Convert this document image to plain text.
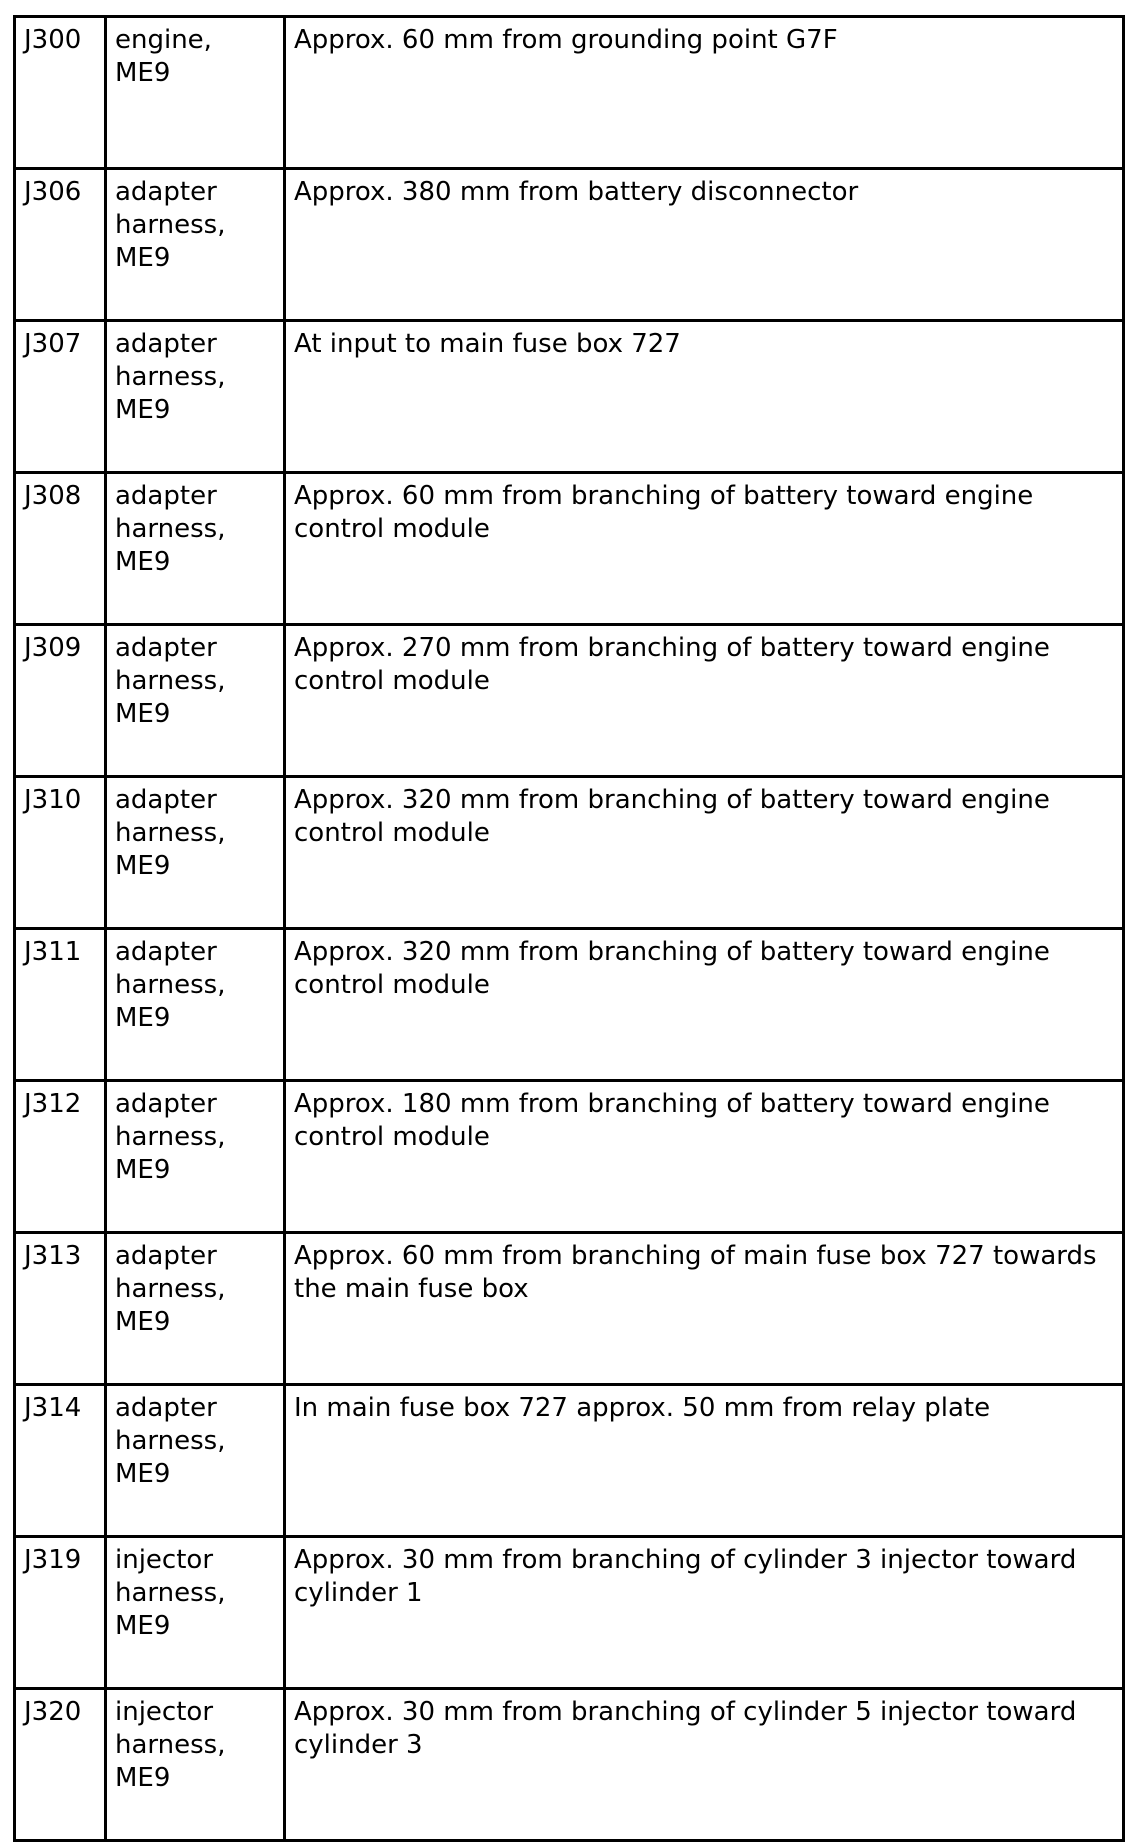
J300	engine,
ME9	Approx. 60 mm from grounding point G7F

J306	adapter
harness,
ME9	Approx. 380 mm from battery disconnector

J307	adapter
harness,
ME9	At input to main fuse box 727

J308	adapter
harness,
ME9	Approx. 60 mm from branching of battery toward engine control module

J309	adapter
harness,
ME9	Approx. 270 mm from branching of battery toward engine control module

J310	adapter
harness,
ME9	Approx. 320 mm from branching of battery toward engine control module

J311	adapter
harness,
ME9	Approx. 320 mm from branching of battery toward engine control module

J312	adapter
harness,
ME9	Approx. 180 mm from branching of battery toward engine control module

J313	adapter
harness,
ME9	Approx. 60 mm from branching of main fuse box 727 towards the main fuse box

J314	adapter
harness,
ME9	In main fuse box 727 approx. 50 mm from relay plate

J319	injector
harness,
ME9	Approx. 30 mm from branching of cylinder 3 injector toward cylinder 1

J320	injector
harness,
ME9	Approx. 30 mm from branching of cylinder 5 injector toward cylinder 3
